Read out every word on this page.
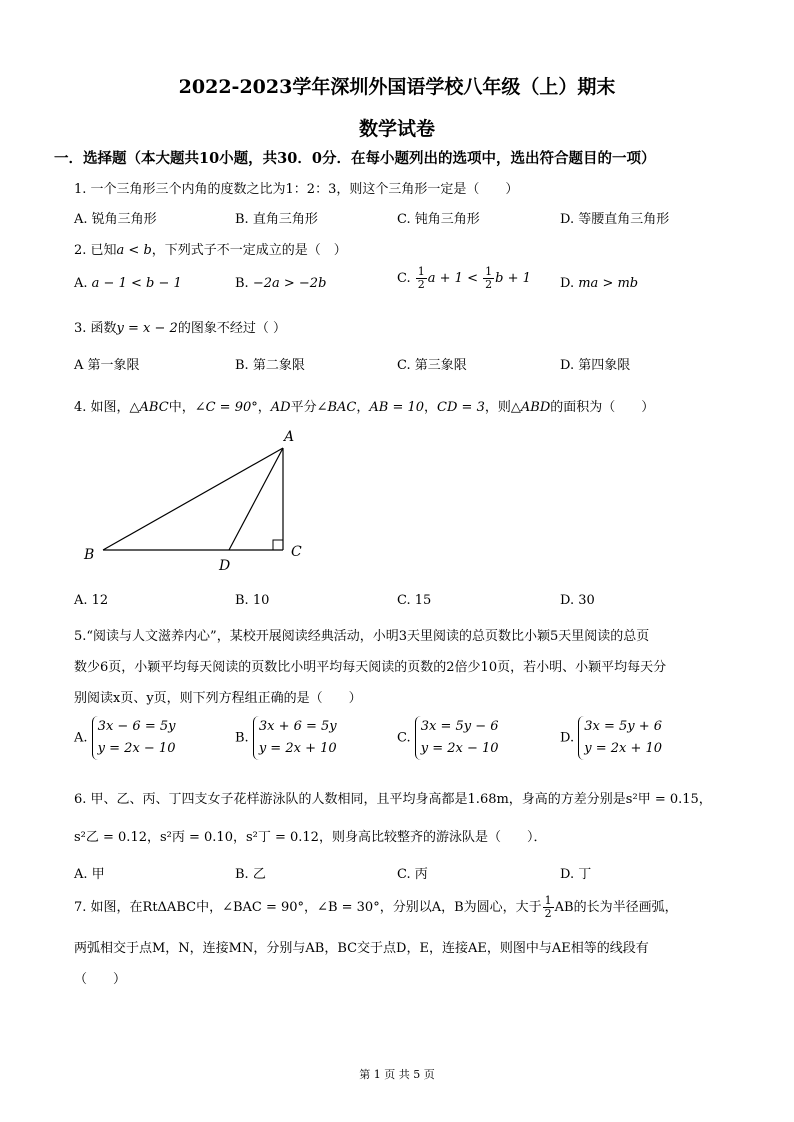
2022-2023学年深圳外国语学校八年级（上）期末
数学试卷
一．选择题（本大题共10小题，共30．0分．在每小题列出的选项中，选出符合题目的一项）
1. 一个三角形三个内角的度数之比为1：2：3，则这个三角形一定是（　　）
A. 锐角三角形	B. 直角三角形	C. 钝角三角形	D. 等腰直角三角形
2. 已知a < b，下列式子不一定成立的是（　）
A. a − 1 < b − 1	B. −2a > −2b	C. $\frac{1}{2}$ $a + 1 < \frac{1}{2}$ b + 1 D. ma > mb
3. 函数y = x − 2的图象不经过（ ）
A 第一象限	B. 第二象限	C. 第三象限	D. 第四象限
4. 如图，△ABC中，∠C = 90°，AD平分∠BAC，AB = 10，CD = 3，则△ABD的面积为（　　）
A
B
D
C
A. 12	B. 10	C. 15	D. 30
5.“阅读与人文滋养内心”，某校开展阅读经典活动，小明3天里阅读的总页数比小颖5天里阅读的总页
数少6页，小颖平均每天阅读的页数比小明平均每天阅读的页数的2倍少10页，若小明、小颖平均每天分
别阅读x页、y页，则下列方程组正确的是（　　）
A.
3x − 6 = 5y
y = 2x − 10
B.
3x + 6 = 5y
y = 2x + 10
C.
3x = 5y − 6
y = 2x − 10
D.
3x = 5y + 6
y = 2x + 10
6. 甲、乙、丙、丁四支女子花样游泳队的人数相同，且平均身高都是1.68m，身高的方差分别是s²甲 = 0.15，
s²乙 = 0.12，s²丙 = 0.10，s²丁 = 0.12，则身高比较整齐的游泳队是（　　）．
A. 甲	B. 乙	C. 丙	D. 丁
7. 如图，在RtΔABC中，∠BAC = 90°，∠B = 30°，分别以A，B为圆心，大于 $\frac{1}{2}$ AB的长为半径画弧，
两弧相交于点M，N，连接MN，分别与AB，BC交于点D，E，连接AE，则图中与AE相等的线段有
（　　）
第 1 页 共 5 页
